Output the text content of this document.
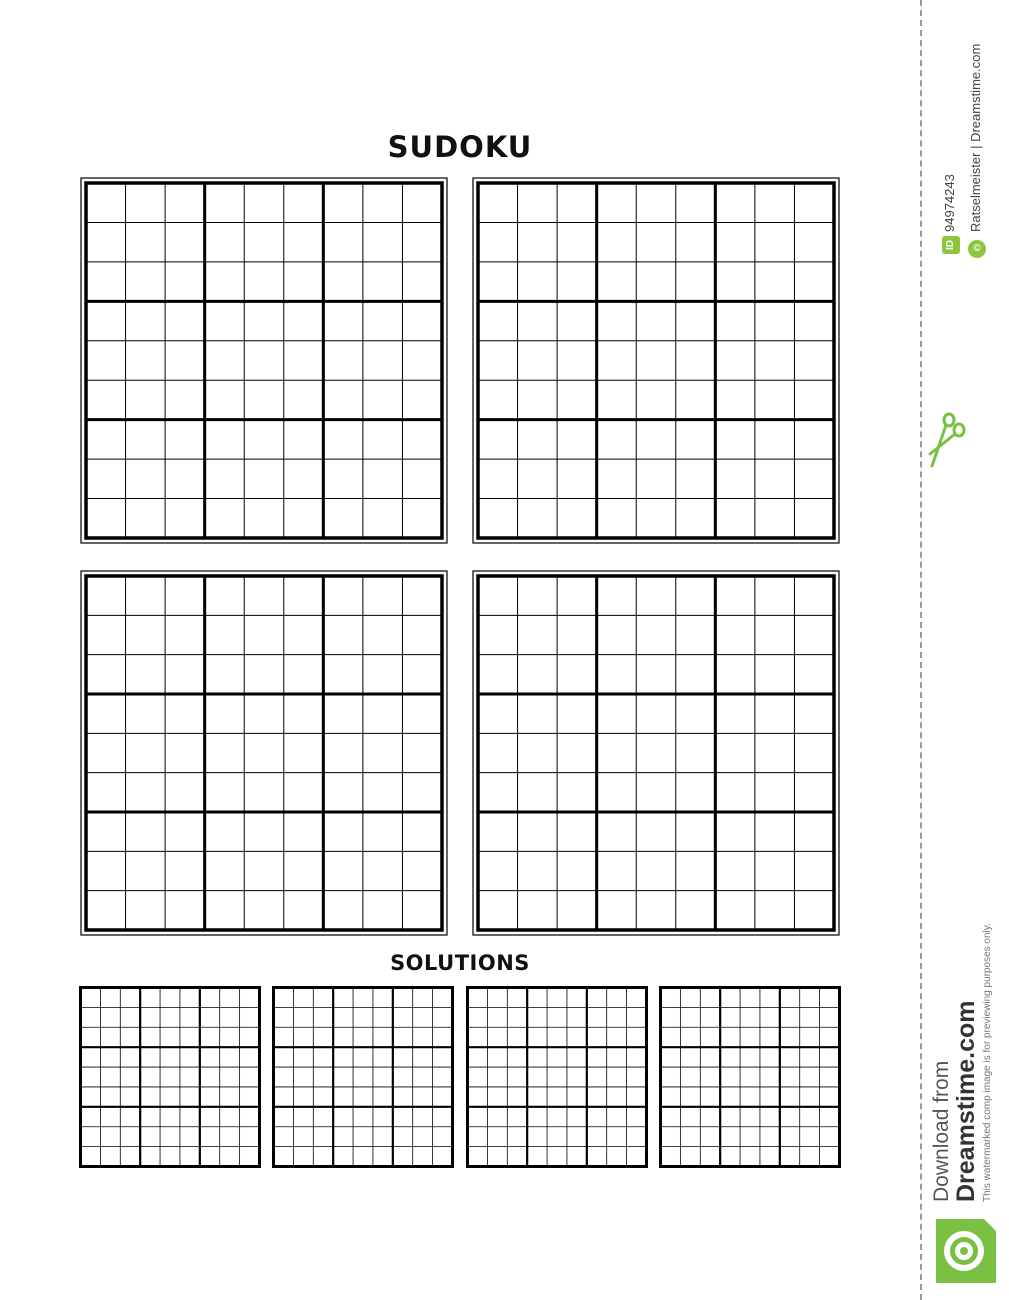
SUDOKU
SOLUTIONS
ID
94974243
©
Ratselmeister | Dreamstime.com
This watermarked comp image is for previewing purposes only.
Download from Dreamstime.com
